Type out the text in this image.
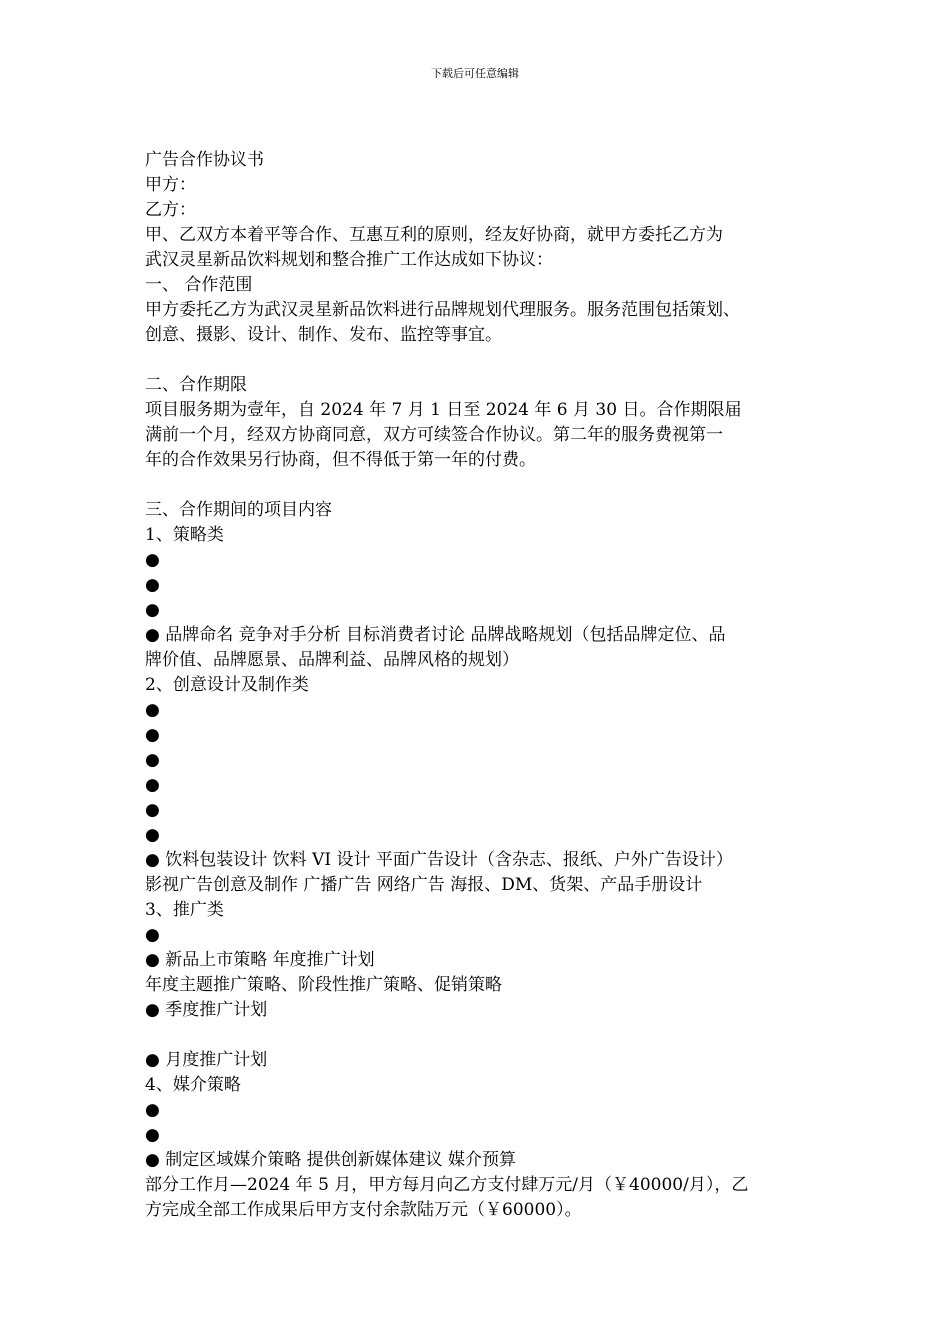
下载后可任意编辑
广告合作协议书
甲方：
乙方：
甲、乙双方本着平等合作、互惠互利的原则，经友好协商，就甲方委托乙方为
武汉灵星新品饮料规划和整合推广工作达成如下协议：
一、 合作范围
甲方委托乙方为武汉灵星新品饮料进行品牌规划代理服务。服务范围包括策划、
创意、摄影、设计、制作、发布、监控等事宜。
二、合作期限
项目服务期为壹年，自 2024 年 7 月 1 日至 2024 年 6 月 30 日。合作期限届
满前一个月，经双方协商同意，双方可续签合作协议。第二年的服务费视第一
年的合作效果另行协商，但不得低于第一年的付费。
三、合作期间的项目内容
1、策略类
●
●
●
● 品牌命名 竞争对手分析 目标消费者讨论 品牌战略规划（包括品牌定位、品
牌价值、品牌愿景、品牌利益、品牌风格的规划）
2、创意设计及制作类
●
●
●
●
●
●
● 饮料包装设计 饮料 VI 设计 平面广告设计（含杂志、报纸、户外广告设计）
影视广告创意及制作 广播广告 网络广告 海报、DM、货架、产品手册设计
3、推广类
●
● 新品上市策略 年度推广计划
年度主题推广策略、阶段性推广策略、促销策略
● 季度推广计划
● 月度推广计划
4、媒介策略
●
●
● 制定区域媒介策略 提供创新媒体建议 媒介预算
部分工作月—2024 年 5 月，甲方每月向乙方支付肆万元/月（￥40000/月），乙
方完成全部工作成果后甲方支付余款陆万元（￥60000）。
